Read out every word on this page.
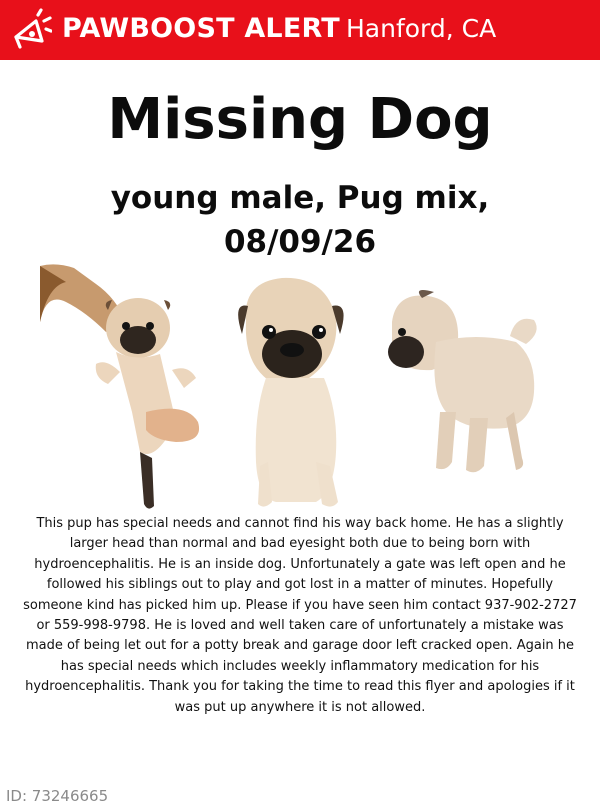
PAWBOOST ALERT Hanford, CA
Missing Dog
young male, Pug mix, 08/09/26

This pup has special needs and cannot find his way back home. He has a slightly larger head than normal and bad eyesight both due to being born with hydroencephalitis. He is an inside dog. Unfortunately a gate was left open and he followed his siblings out to play and got lost in a matter of minutes. Hopefully someone kind has picked him up. Please if you have seen him contact 937-902-2727 or 559-998-9798. He is loved and well taken care of unfortunately a mistake was made of being let out for a potty break and garage door left cracked open. Again he has special needs which includes weekly inflammatory medication for his hydroencephalitis. Thank you for taking the time to read this flyer and apologies if it was put up anywhere it is not allowed.

ID: 73246665
